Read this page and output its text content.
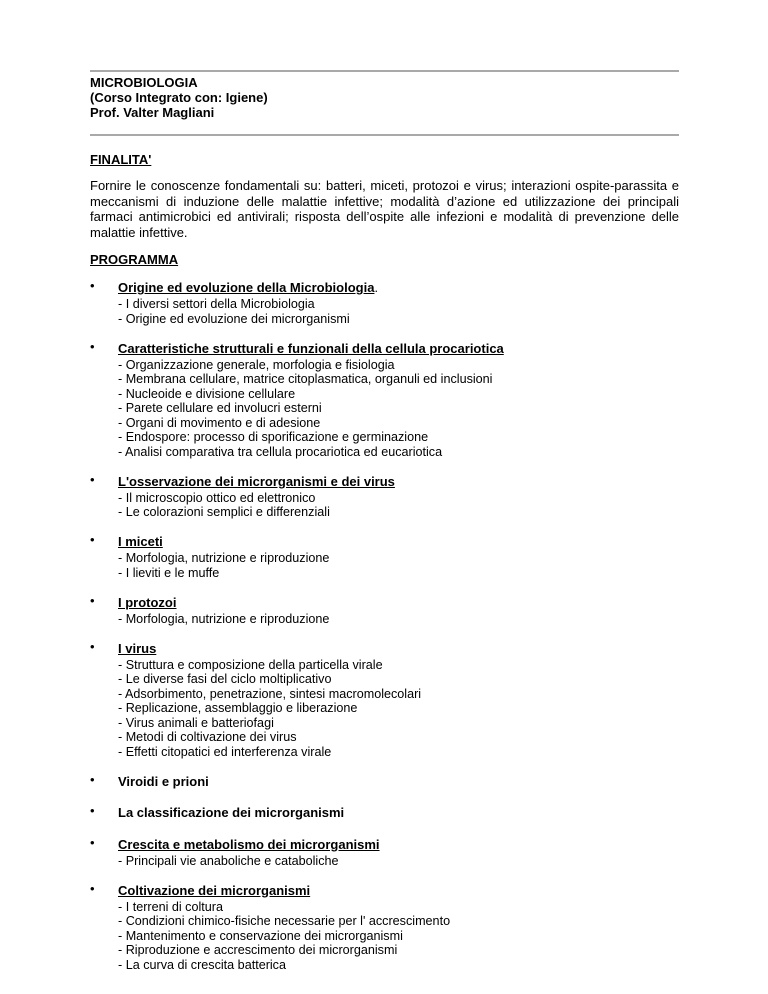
MICROBIOLOGIA
(Corso Integrato con: Igiene)
Prof. Valter Magliani
FINALITA'
Fornire le conoscenze fondamentali su: batteri, miceti, protozoi e virus; interazioni ospite-parassita e meccanismi di induzione delle malattie infettive; modalità d’azione ed utilizzazione dei principali farmaci antimicrobici ed antivirali; risposta dell’ospite alle infezioni e modalità di prevenzione delle malattie infettive.
PROGRAMMA
• Origine ed evoluzione della Microbiologia.
- I diversi settori della Microbiologia
- Origine ed evoluzione dei microrganismi
• Caratteristiche strutturali e funzionali della cellula procariotica
- Organizzazione generale, morfologia e fisiologia
- Membrana cellulare, matrice citoplasmatica, organuli ed inclusioni
- Nucleoide e divisione cellulare
- Parete cellulare ed involucri esterni
- Organi di movimento e di adesione
- Endospore: processo di sporificazione e germinazione
- Analisi comparativa tra cellula procariotica ed eucariotica
• L'osservazione dei microrganismi e dei virus
- Il microscopio ottico ed elettronico
- Le colorazioni semplici e differenziali
• I miceti
- Morfologia, nutrizione e riproduzione
- I lieviti e le muffe
• I protozoi
- Morfologia, nutrizione e riproduzione
• I virus
- Struttura e composizione della particella virale
- Le diverse fasi del ciclo moltiplicativo
- Adsorbimento, penetrazione, sintesi macromolecolari
- Replicazione, assemblaggio e liberazione
- Virus animali e batteriofagi
- Metodi di coltivazione dei virus
- Effetti citopatici ed interferenza virale
• Viroidi e prioni
• La classificazione dei microrganismi
• Crescita e metabolismo dei microrganismi
- Principali vie anaboliche e cataboliche
• Coltivazione dei microrganismi
- I terreni di coltura
- Condizioni chimico-fisiche necessarie per l' accrescimento
- Mantenimento e conservazione dei microrganismi
- Riproduzione e accrescimento dei microrganismi
- La curva di crescita batterica
